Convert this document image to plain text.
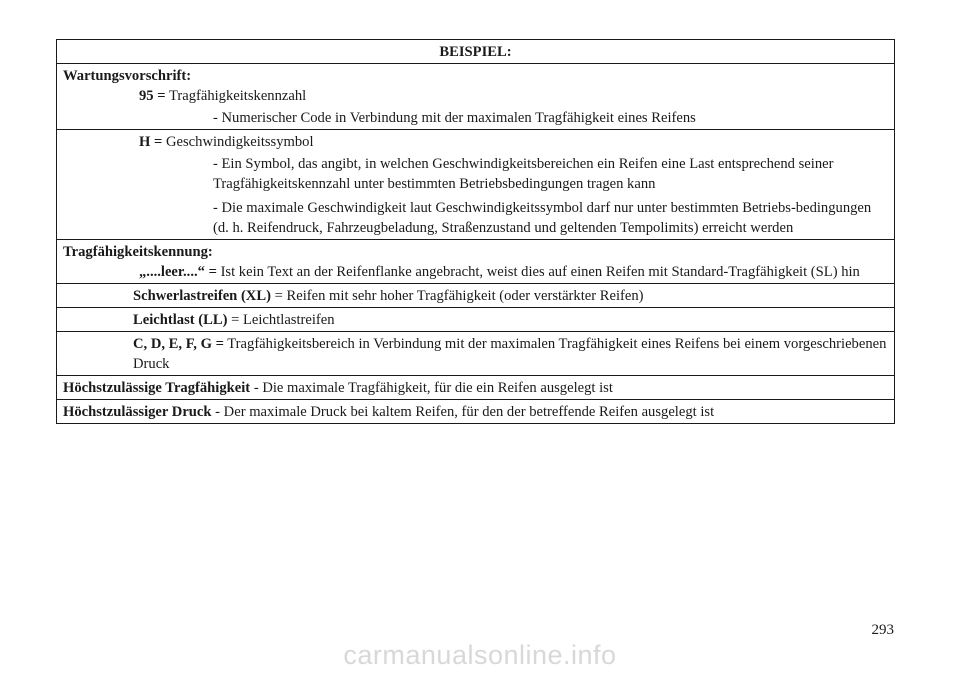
BEISPIEL:
Wartungsvorschrift:
95 = Tragfähigkeitskennzahl
- Numerischer Code in Verbindung mit der maximalen Tragfähigkeit eines Reifens
H = Geschwindigkeitssymbol
- Ein Symbol, das angibt, in welchen Geschwindigkeitsbereichen ein Reifen eine Last entsprechend seiner Tragfähigkeitskennzahl unter bestimmten Betriebsbedingungen tragen kann
- Die maximale Geschwindigkeit laut Geschwindigkeitssymbol darf nur unter bestimmten Betriebs-bedingungen (d. h. Reifendruck, Fahrzeugbeladung, Straßenzustand und geltenden Tempolimits) erreicht werden
Tragfähigkeitskennung:
„....leer....“ = Ist kein Text an der Reifenflanke angebracht, weist dies auf einen Reifen mit Standard-Tragfähigkeit (SL) hin
Schwerlastreifen (XL) = Reifen mit sehr hoher Tragfähigkeit (oder verstärkter Reifen)
Leichtlast (LL) = Leichtlastreifen
C, D, E, F, G = Tragfähigkeitsbereich in Verbindung mit der maximalen Tragfähigkeit eines Reifens bei einem vorgeschriebenen Druck
Höchstzulässige Tragfähigkeit - Die maximale Tragfähigkeit, für die ein Reifen ausgelegt ist
Höchstzulässiger Druck - Der maximale Druck bei kaltem Reifen, für den der betreffende Reifen ausgelegt ist
293
carmanualsonline.info
